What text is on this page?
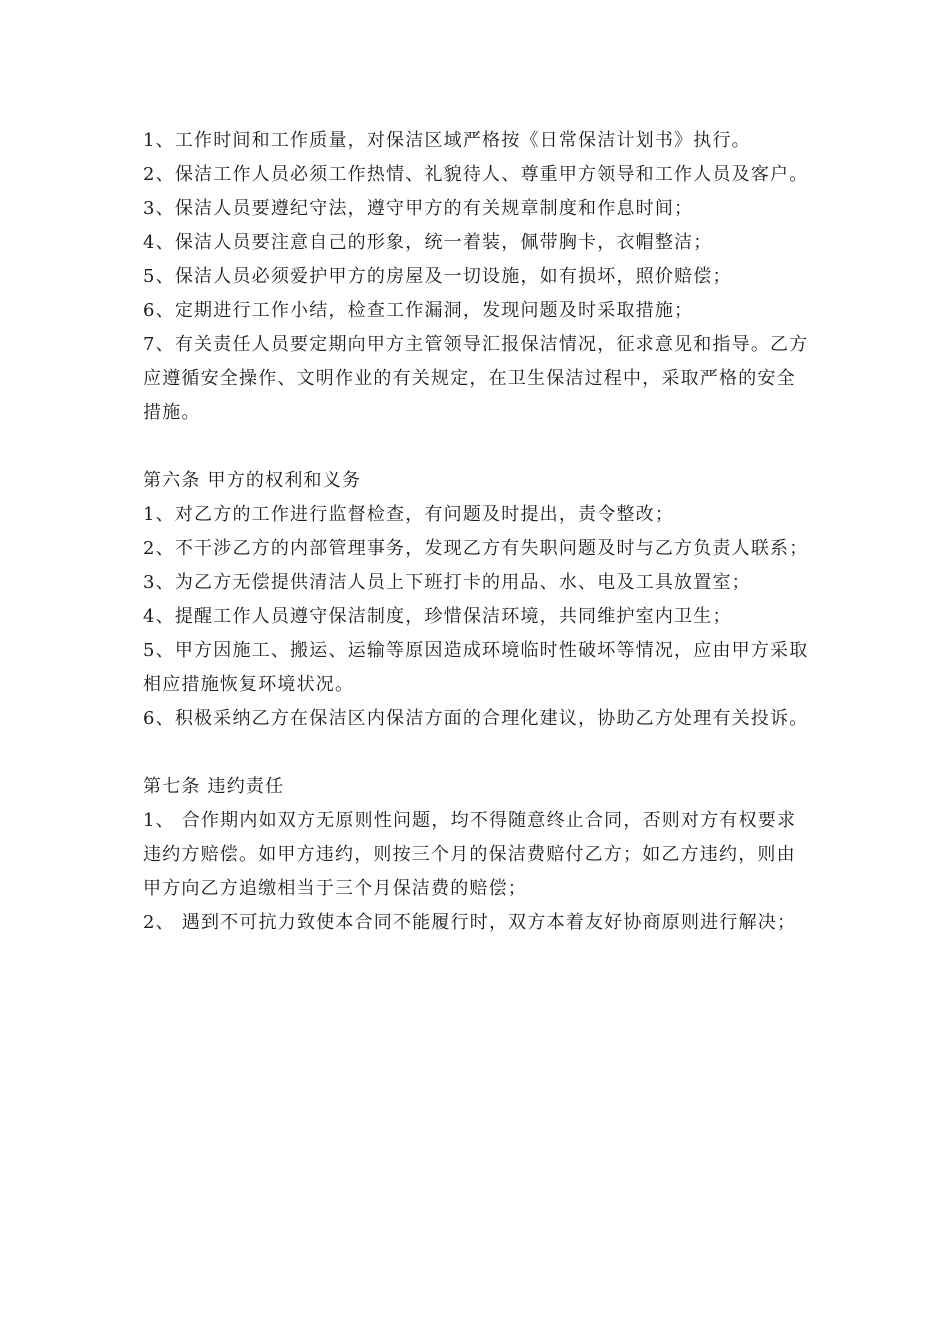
1、工作时间和工作质量，对保洁区域严格按《日常保洁计划书》执行。

2、保洁工作人员必须工作热情、礼貌待人、尊重甲方领导和工作人员及客户。

3、保洁人员要遵纪守法，遵守甲方的有关规章制度和作息时间；

4、保洁人员要注意自己的形象，统一着装，佩带胸卡，衣帽整洁；

5、保洁人员必须爱护甲方的房屋及一切设施，如有损坏，照价赔偿；

6、定期进行工作小结，检查工作漏洞，发现问题及时采取措施；

7、有关责任人员要定期向甲方主管领导汇报保洁情况，征求意见和指导。乙方应遵循安全操作、文明作业的有关规定，在卫生保洁过程中，采取严格的安全措施。

第六条 甲方的权利和义务

1、对乙方的工作进行监督检查，有问题及时提出，责令整改；

2、不干涉乙方的内部管理事务，发现乙方有失职问题及时与乙方负责人联系；

3、为乙方无偿提供清洁人员上下班打卡的用品、水、电及工具放置室；

4、提醒工作人员遵守保洁制度，珍惜保洁环境，共同维护室内卫生；

5、甲方因施工、搬运、运输等原因造成环境临时性破坏等情况，应由甲方采取相应措施恢复环境状况。

6、积极采纳乙方在保洁区内保洁方面的合理化建议，协助乙方处理有关投诉。

第七条 违约责任

1、 合作期内如双方无原则性问题，均不得随意终止合同，否则对方有权要求违约方赔偿。如甲方违约，则按三个月的保洁费赔付乙方；如乙方违约，则由甲方向乙方追缴相当于三个月保洁费的赔偿；

2、 遇到不可抗力致使本合同不能履行时，双方本着友好协商原则进行解决；
